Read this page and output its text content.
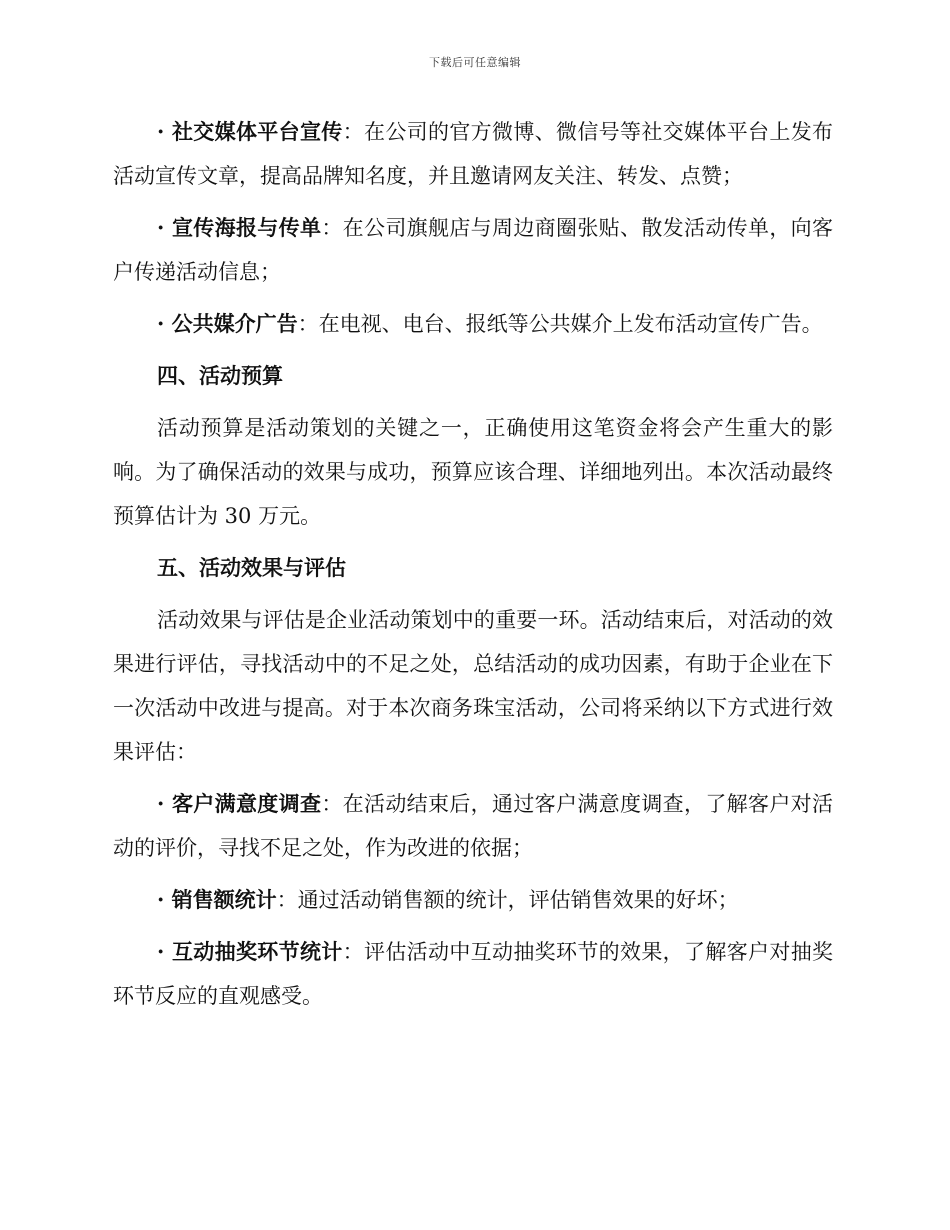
下载后可任意编辑

· 社交媒体平台宣传：在公司的官方微博、微信号等社交媒体平台上发布活动宣传文章，提高品牌知名度，并且邀请网友关注、转发、点赞；

· 宣传海报与传单：在公司旗舰店与周边商圈张贴、散发活动传单，向客户传递活动信息；

· 公共媒介广告：在电视、电台、报纸等公共媒介上发布活动宣传广告。

四、活动预算

活动预算是活动策划的关键之一，正确使用这笔资金将会产生重大的影响。为了确保活动的效果与成功，预算应该合理、详细地列出。本次活动最终预算估计为 30 万元。

五、活动效果与评估

活动效果与评估是企业活动策划中的重要一环。活动结束后，对活动的效果进行评估，寻找活动中的不足之处，总结活动的成功因素，有助于企业在下一次活动中改进与提高。对于本次商务珠宝活动，公司将采纳以下方式进行效果评估：

· 客户满意度调查：在活动结束后，通过客户满意度调查，了解客户对活动的评价，寻找不足之处，作为改进的依据；

· 销售额统计：通过活动销售额的统计，评估销售效果的好坏；

· 互动抽奖环节统计：评估活动中互动抽奖环节的效果，了解客户对抽奖环节反应的直观感受。
